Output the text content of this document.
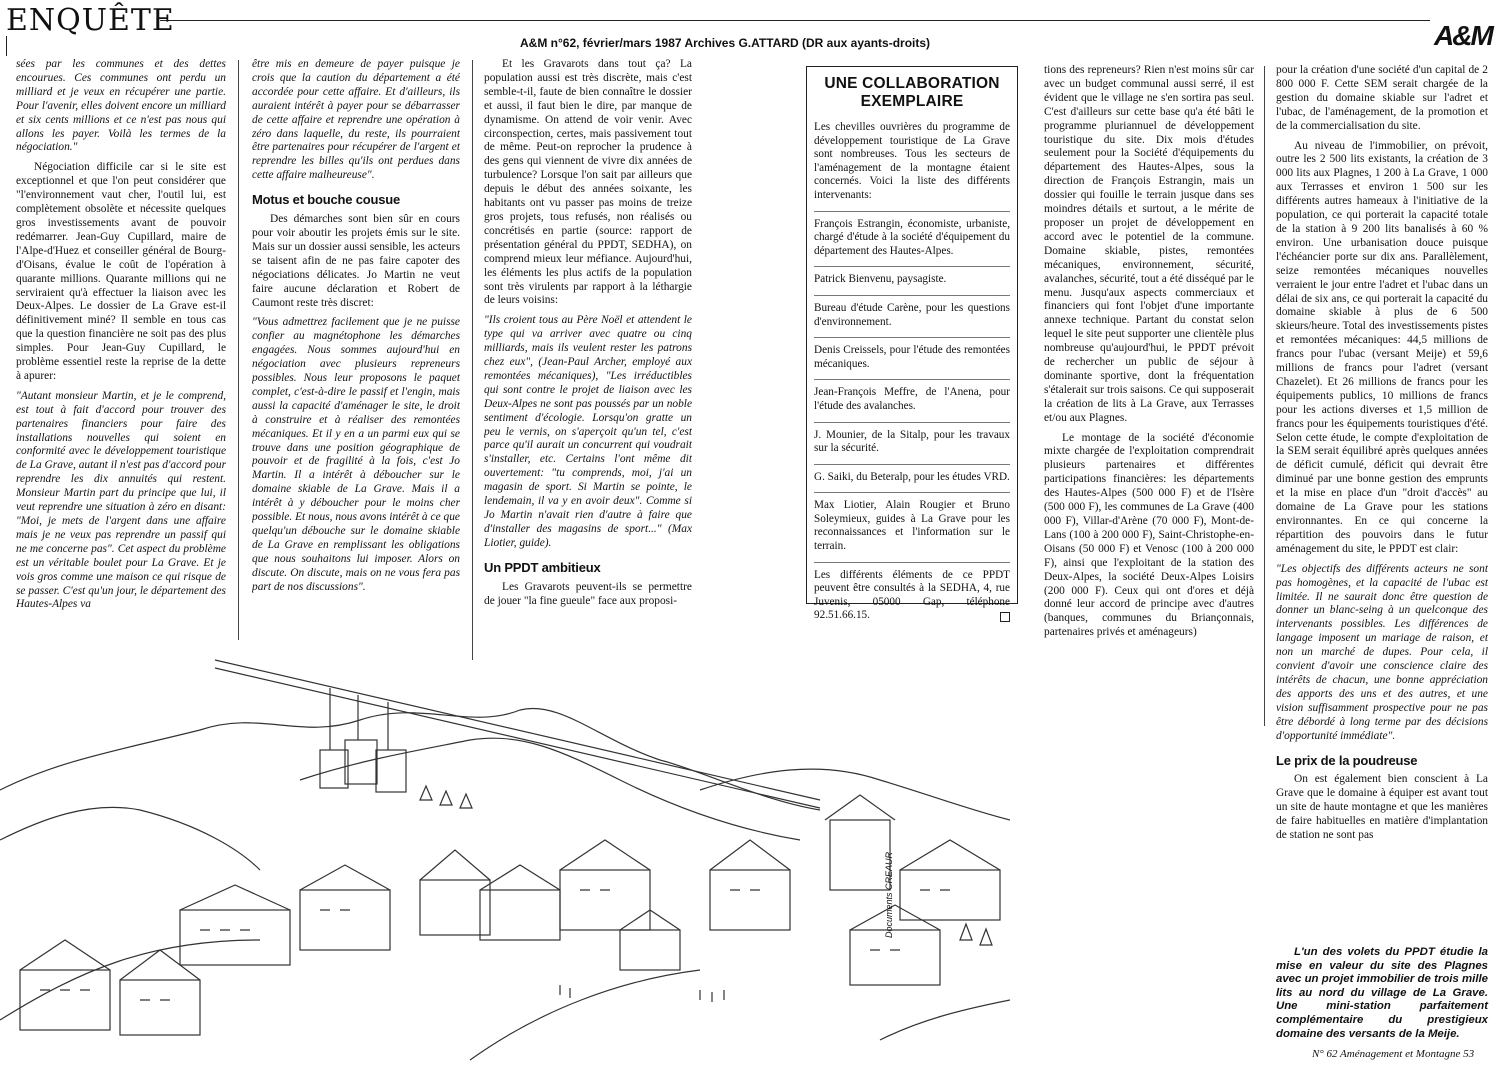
ENQUÊTE
A&M n°62, février/mars 1987 Archives G.ATTARD (DR aux ayants-droits)	A&M

sées par les communes et des dettes encourues. Ces communes ont perdu un milliard et je veux en récupérer une partie. Pour l'avenir, elles doivent encore un milliard et six cents millions et ce n'est pas nous qui allons les payer. Voilà les termes de la négociation."

Négociation difficile car si le site est exceptionnel et que l'on peut considérer que "l'environnement vaut cher, l'outil lui, est complètement obsolète et nécessite quelques gros investissements avant de pouvoir redémarrer. Jean-Guy Cupillard, maire de l'Alpe-d'Huez et conseiller général de Bourg-d'Oisans, évalue le coût de l'opération à quarante millions. Quarante millions qui ne serviraient qu'à effectuer la liaison avec les Deux-Alpes. Le dossier de La Grave est-il définitivement miné? Il semble en tous cas que la question financière ne soit pas des plus simples. Pour Jean-Guy Cupillard, le problème essentiel reste la reprise de la dette à apurer:

"Autant monsieur Martin, et je le comprend, est tout à fait d'accord pour trouver des partenaires financiers pour faire des installations nouvelles qui soient en conformité avec le développement touristique de La Grave, autant il n'est pas d'accord pour reprendre les dix annuités qui restent. Monsieur Martin part du principe que lui, il veut reprendre une situation à zéro en disant: "Moi, je mets de l'argent dans une affaire mais je ne veux pas reprendre un passif qui ne me concerne pas". Cet aspect du problème est un véritable boulet pour La Grave. Et je vois gros comme une maison ce qui risque de se passer. C'est qu'un jour, le département des Hautes-Alpes va

être mis en demeure de payer puisque je crois que la caution du département a été accordée pour cette affaire. Et d'ailleurs, ils auraient intérêt à payer pour se débarrasser de cette affaire et reprendre une opération à zéro dans laquelle, du reste, ils pourraient être partenaires pour récupérer de l'argent et reprendre les billes qu'ils ont perdues dans cette affaire malheureuse".

Motus et bouche cousue

Des démarches sont bien sûr en cours pour voir aboutir les projets émis sur le site. Mais sur un dossier aussi sensible, les acteurs se taisent afin de ne pas faire capoter des négociations délicates. Jo Martin ne veut faire aucune déclaration et Robert de Caumont reste très discret:

"Vous admettrez facilement que je ne puisse confier au magnétophone les démarches engagées. Nous sommes aujourd'hui en négociation avec plusieurs repreneurs possibles. Nous leur proposons le paquet complet, c'est-à-dire le passif et l'engin, mais aussi la capacité d'aménager le site, le droit à construire et à réaliser des remontées mécaniques. Et il y en a un parmi eux qui se trouve dans une position géographique de pouvoir et de fragilité à la fois, c'est Jo Martin. Il a intérêt à déboucher sur le domaine skiable de La Grave. Mais il a intérêt à y déboucher pour le moins cher possible. Et nous, nous avons intérêt à ce que quelqu'un débouche sur le domaine skiable de La Grave en remplissant les obligations que nous souhaitons lui imposer. Alors on discute. On discute, mais on ne vous fera pas part de nos discussions".

Et les Gravarots dans tout ça? La population aussi est très discrète, mais c'est semble-t-il, faute de bien connaître le dossier et aussi, il faut bien le dire, par manque de dynamisme. On attend de voir venir. Avec circonspection, certes, mais passivement tout de même. Peut-on reprocher la prudence à des gens qui viennent de vivre dix années de turbulence? Lorsque l'on sait par ailleurs que depuis le début des années soixante, les habitants ont vu passer pas moins de treize gros projets, tous refusés, non réalisés ou concrétisés en partie (source: rapport de présentation général du PPDT, SEDHA), on comprend mieux leur méfiance. Aujourd'hui, les éléments les plus actifs de la population sont très virulents par rapport à la léthargie de leurs voisins:

"Ils croient tous au Père Noël et attendent le type qui va arriver avec quatre ou cinq milliards, mais ils veulent rester les patrons chez eux", (Jean-Paul Archer, employé aux remontées mécaniques), "Les irréductibles qui sont contre le projet de liaison avec les Deux-Alpes ne sont pas poussés par un noble sentiment d'écologie. Lorsqu'on gratte un peu le vernis, on s'aperçoit qu'un tel, c'est parce qu'il aurait un concurrent qui voudrait s'installer, etc. Certains l'ont même dit ouvertement: "tu comprends, moi, j'ai un magasin de sport. Si Martin se pointe, le lendemain, il va y en avoir deux". Comme si Jo Martin n'avait rien d'autre à faire que d'installer des magasins de sport..." (Max Liotier, guide).

Un PPDT ambitieux

Les Gravarots peuvent-ils se permettre de jouer "la fine gueule" face aux proposi-

UNE COLLABORATION EXEMPLAIRE

Les chevilles ouvrières du programme de développement touristique de La Grave sont nombreuses. Tous les secteurs de l'aménagement de la montagne étaient concernés. Voici la liste des différents intervenants:

François Estrangin, économiste, urbaniste, chargé d'étude à la société d'équipement du département des Hautes-Alpes.

Patrick Bienvenu, paysagiste.

Bureau d'étude Carène, pour les questions d'environnement.

Denis Creissels, pour l'étude des remontées mécaniques.

Jean-François Meffre, de l'Anena, pour l'étude des avalanches.

J. Mounier, de la Sitalp, pour les travaux sur la sécurité.

G. Saiki, du Beteralp, pour les études VRD.

Max Liotier, Alain Rougier et Bruno Soleymieux, guides à La Grave pour les reconnaissances et l'information sur le terrain.

Les différents éléments de ce PPDT peuvent être consultés à la SEDHA, 4, rue Juvenis, 05000 Gap, téléphone 92.51.66.15.

tions des repreneurs? Rien n'est moins sûr car avec un budget communal aussi serré, il est évident que le village ne s'en sortira pas seul. C'est d'ailleurs sur cette base qu'a été bâti le programme pluriannuel de développement touristique du site. Dix mois d'études seulement pour la Société d'équipements du département des Hautes-Alpes, sous la direction de François Estrangin, mais un dossier qui fouille le terrain jusque dans ses moindres détails et surtout, a le mérite de proposer un projet de développement en accord avec le potentiel de la commune. Domaine skiable, pistes, remontées mécaniques, environnement, sécurité, avalanches, sécurité, tout a été disséqué par le menu. Jusqu'aux aspects commerciaux et financiers qui font l'objet d'une importante annexe technique. Partant du constat selon lequel le site peut supporter une clientèle plus nombreuse qu'aujourd'hui, le PPDT prévoit de rechercher un public de séjour à dominante sportive, dont la fréquentation s'étalerait sur trois saisons. Ce qui supposerait la création de lits à La Grave, aux Terrasses et/ou aux Plagnes.

Le montage de la société d'économie mixte chargée de l'exploitation comprendrait plusieurs partenaires et différentes participations financières: les départements des Hautes-Alpes (500 000 F) et de l'Isère (500 000 F), les communes de La Grave (400 000 F), Villar-d'Arène (70 000 F), Mont-de-Lans (100 à 200 000 F), Saint-Christophe-en-Oisans (50 000 F) et Venosc (100 à 200 000 F), ainsi que l'exploitant de la station des Deux-Alpes, la société Deux-Alpes Loisirs (200 000 F). Ceux qui ont d'ores et déjà donné leur accord de principe avec d'autres (banques, communes du Briançonnais, partenaires privés et aménageurs)

pour la création d'une société d'un capital de 2 800 000 F. Cette SEM serait chargée de la gestion du domaine skiable sur l'adret et l'ubac, de l'aménagement, de la promotion et de la commercialisation du site.

Au niveau de l'immobilier, on prévoit, outre les 2 500 lits existants, la création de 3 000 lits aux Plagnes, 1 200 à La Grave, 1 000 aux Terrasses et environ 1 500 sur les différents autres hameaux à l'initiative de la population, ce qui porterait la capacité totale de la station à 9 200 lits banalisés à 60 % environ. Une urbanisation douce puisque l'échéancier porte sur dix ans. Parallèlement, seize remontées mécaniques nouvelles verraient le jour entre l'adret et l'ubac dans un délai de six ans, ce qui porterait la capacité du domaine skiable à plus de 6 500 skieurs/heure. Total des investissements pistes et remontées mécaniques: 44,5 millions de francs pour l'ubac (versant Meije) et 59,6 millions de francs pour l'adret (versant Chazelet). Et 26 millions de francs pour les équipements publics, 10 millions de francs pour les actions diverses et 1,5 million de francs pour les équipements touristiques d'été. Selon cette étude, le compte d'exploitation de la SEM serait équilibré après quelques années de déficit cumulé, déficit qui devrait être diminué par une bonne gestion des emprunts et la mise en place d'un "droit d'accès" au domaine de La Grave pour les stations environnantes. En ce qui concerne la répartition des pouvoirs dans le futur aménagement du site, le PPDT est clair:

"Les objectifs des différents acteurs ne sont pas homogènes, et la capacité de l'ubac est limitée. Il ne saurait donc être question de donner un blanc-seing à un quelconque des intervenants possibles. Les différences de langage imposent un mariage de raison, et non un marché de dupes. Pour cela, il convient d'avoir une conscience claire des intérêts de chacun, une bonne appréciation des apports des uns et des autres, et une vision suffisamment prospective pour ne pas être débordé à long terme par des décisions d'opportunité immédiate".

Le prix de la poudreuse

On est également bien conscient à La Grave que le domaine à équiper est avant tout un site de haute montagne et que les manières de faire habituelles en matière d'implantation de station ne sont pas

Documents CREAUR

L'un des volets du PPDT étudie la mise en valeur du site des Plagnes avec un projet immobilier de trois mille lits au nord du village de La Grave. Une mini-station parfaitement complémentaire du prestigieux domaine des versants de la Meije.

N° 62 Aménagement et Montagne 53
